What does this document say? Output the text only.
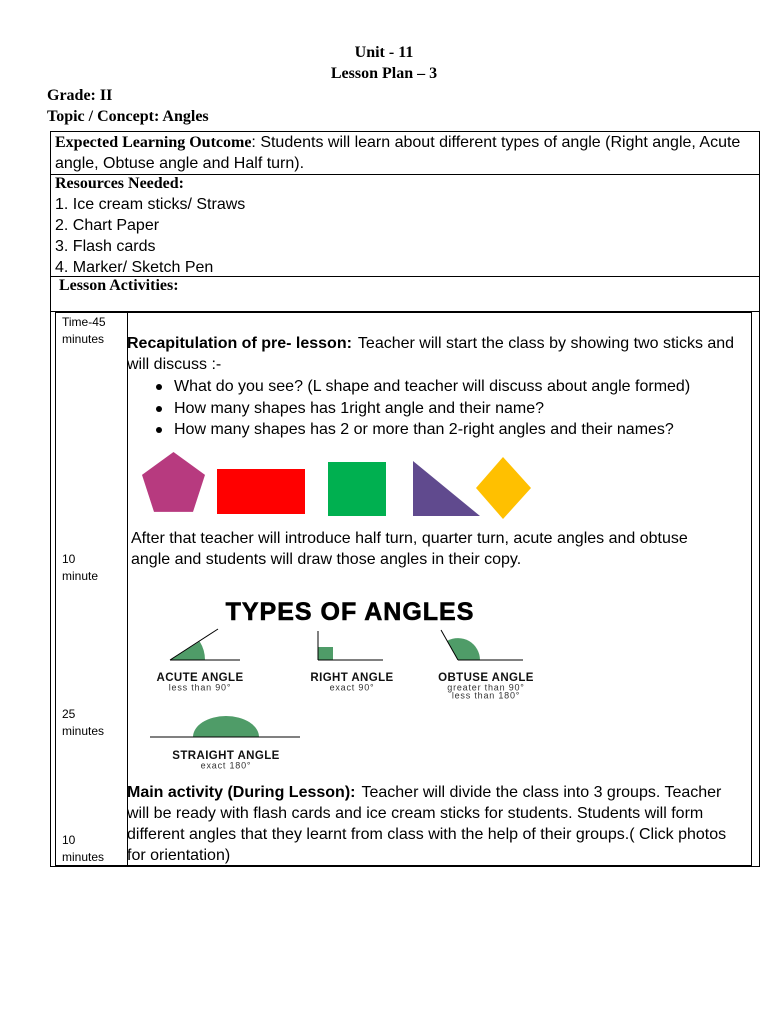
Unit - 11
Lesson Plan – 3
Grade: II
Topic / Concept: Angles
Expected Learning Outcome: Students will learn about different types of angle (Right angle, Acute angle, Obtuse angle and Half turn).
Resources Needed:
1. Ice cream sticks/ Straws
2. Chart Paper
3. Flash cards
4. Marker/ Sketch Pen
Lesson Activities:
Time-45 minutes
10 minute
25 minutes
10 minutes
Recapitulation of pre- lesson: Teacher will start the class by showing two sticks and will discuss :-
What do you see? (L shape and teacher will discuss about angle formed)
How many shapes has 1right angle and their name?
How many shapes has 2 or more than 2-right angles and their names?
After that teacher will introduce half turn, quarter turn, acute angles and obtuse angle and students will draw those angles in their copy.
TYPES OF ANGLES
ACUTE ANGLE
less than 90°
RIGHT ANGLE
exact 90°
OBTUSE ANGLE
greater than 90°
less than 180°
STRAIGHT ANGLE
exact 180°
Main activity (During Lesson): Teacher will divide the class into 3 groups. Teacher will be ready with flash cards and ice cream sticks for students. Students will form different angles that they learnt from class with the help of their groups.( Click photos for orientation)
